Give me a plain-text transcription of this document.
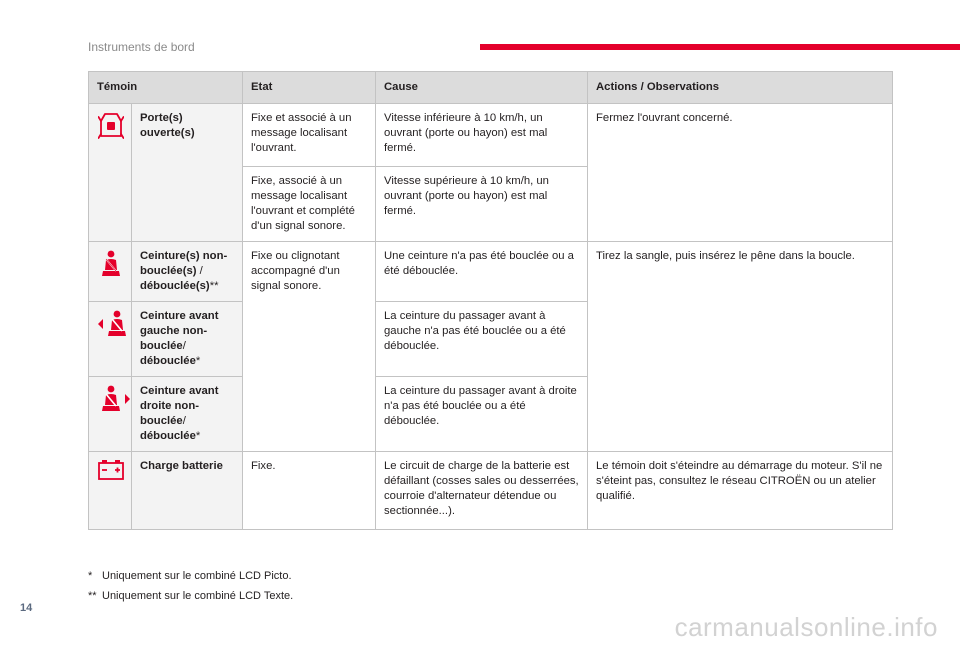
Instruments de bord
Témoin		Etat	Cause	Actions / Observations

	Porte(s) ouverte(s)	Fixe et associé à un message localisant l'ouvrant.	Vitesse inférieure à 10 km/h, un ouvrant (porte ou hayon) est mal fermé.	Fermez l'ouvrant concerné.
		Fixe, associé à un message localisant l'ouvrant et complété d'un signal sonore.	Vitesse supérieure à 10 km/h, un ouvrant (porte ou hayon) est mal fermé.	

	Ceinture(s) non-bouclée(s) / débouclée(s)**	Fixe ou clignotant accompagné d'un signal sonore.	Une ceinture n'a pas été bouclée ou a été débouclée.	Tirez la sangle, puis insérez le pêne dans la boucle.

	Ceinture avant gauche non-bouclée/ débouclée*		La ceinture du passager avant à gauche n'a pas été bouclée ou a été débouclée.	

	Ceinture avant droite non-bouclée/ débouclée*		La ceinture du passager avant à droite n'a pas été bouclée ou a été débouclée.	

	Charge batterie	Fixe.	Le circuit de charge de la batterie est défaillant (cosses sales ou desserrées, courroie d'alternateur détendue ou sectionnée...).	Le témoin doit s'éteindre au démarrage du moteur. S'il ne s'éteint pas, consultez le réseau CITROËN ou un atelier qualifié.
* Uniquement sur le combiné LCD Picto.
** Uniquement sur le combiné LCD Texte.
14
carmanualsonline.info
